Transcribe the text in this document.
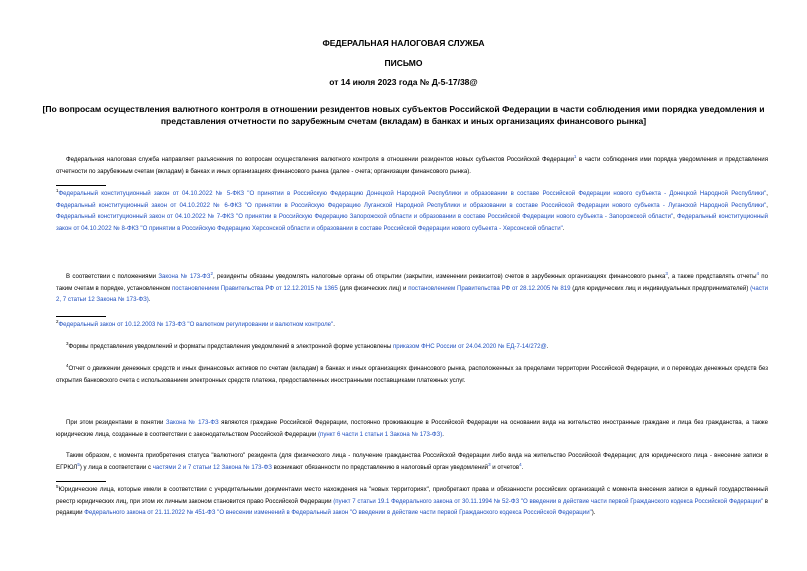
ФЕДЕРАЛЬНАЯ НАЛОГОВАЯ СЛУЖБА
ПИСЬМО
от 14 июля 2023 года № Д-5-17/38@
[По вопросам осуществления валютного контроля в отношении резидентов новых субъектов Российской Федерации в части соблюдения ими порядка уведомления и представления отчетности по зарубежным счетам (вкладам) в банках и иных организациях финансового рынка]
Федеральная налоговая служба направляет разъяснения по вопросам осуществления валютного контроля в отношении резидентов новых субъектов Российской Федерации$^1$ в части соблюдения ими порядка уведомления и представления отчетности по зарубежным счетам (вкладам) в банках и иных организациях финансового рынка (далее - счета; организации финансового рынка).
$^1$Федеральный конституционный закон от 04.10.2022 № 5-ФКЗ "О принятии в Российскую Федерацию Донецкой Народной Республики и образовании в составе Российской Федерации нового субъекта - Донецкой Народной Республики", Федеральный конституционный закон от 04.10.2022 № 6-ФКЗ "О принятии в Российскую Федерацию Луганской Народной Республики и образовании в составе Российской Федерации нового субъекта - Луганской Народной Республики", Федеральный конституционный закон от 04.10.2022 № 7-ФКЗ "О принятии в Российскую Федерацию Запорожской области и образовании в составе Российской Федерации нового субъекта - Запорожской области", Федеральный конституционный закон от 04.10.2022 № 8-ФКЗ "О принятии в Российскую Федерацию Херсонской области и образовании в составе Российской Федерации нового субъекта - Херсонской области".
В соответствии с положениями Закона № $173-ФЗ^2$, резиденты обязаны уведомлять налоговые органы об открытии (закрытии, изменении реквизитов) счетов в зарубежных организациях финансового рынка$^3$, а также представлять отчеты$^4$ по таким счетам в порядке, установленном постановлением Правительства РФ от 12.12.2015 № 1365 (для физических лиц) и постановлением Правительства РФ от 28.12.2005 № 819 (для юридических лиц и индивидуальных предпринимателей) (части 2, 7 статьи 12 Закона № 173-ФЗ).
$^2$Федеральный закон от 10.12.2003 № 173-ФЗ "О валютном регулировании и валютном контроле".
$^3$Формы представления уведомлений и форматы представления уведомлений в электронной форме установлены приказом ФНС России от 24.04.2020 № ЕД-7-14/272@.
$^4$Отчет о движении денежных средств и иных финансовых активов по счетам (вкладам) в банках и иных организациях финансового рынка, расположенных за пределами территории Российской Федерации, и о переводах денежных средств без открытия банковского счета с использованием электронных средств платежа, предоставленных иностранными поставщиками платежных услуг.
При этом резидентами в понятии Закона № 173-ФЗ являются граждане Российской Федерации, постоянно проживающие в Российской Федерации на основании вида на жительство иностранные граждане и лица без гражданства, а также юридические лица, созданные в соответствии с законодательством Российской Федерации (пункт 6 части 1 статьи 1 Закона № 173-ФЗ).
Таким образом, с момента приобретения статуса "валютного" резидента (для физического лица - получение гражданства Российской Федерации либо вида на жительство Российской Федерации; для юридического лица - внесение записи в ЕГРЮЛ$^5$) у лица в соответствии с частями 2 и 7 статьи 12 Закона № 173-ФЗ возникают обязанности по представлению в налоговый орган уведомлений$^3$ и отчетов$^4$.
$^5$Юридические лица, которые имели в соответствии с учредительными документами место нахождения на "новых территориях", приобретают права и обязанности российских организаций с момента внесения записи в единый государственный реестр юридических лиц, при этом их личным законом становится право Российской Федерации (пункт 7 статьи 19.1 Федерального закона от 30.11.1994 № 52-ФЗ "О введении в действие части первой Гражданского кодекса Российской Федерации" в редакции Федерального закона от 21.11.2022 № 451-ФЗ "О внесении изменений в Федеральный закон "О введении в действие части первой Гражданского кодекса Российской Федерации").
